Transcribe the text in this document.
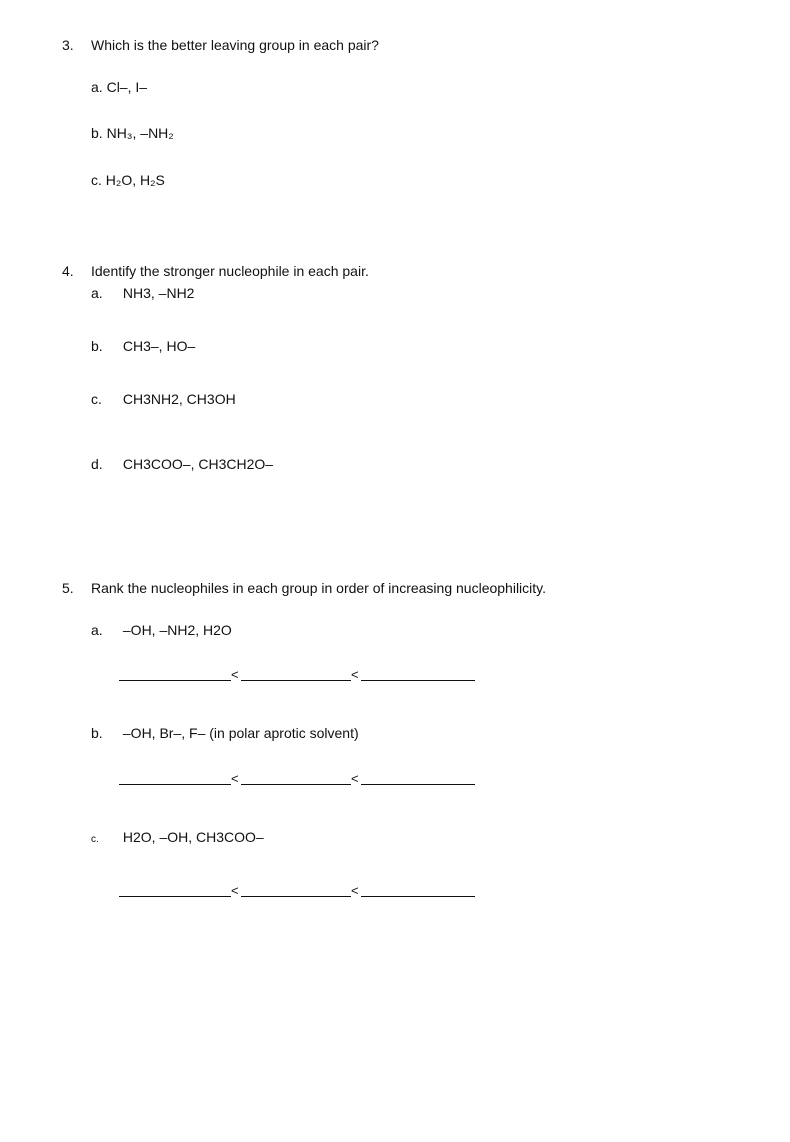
3. Which is the better leaving group in each pair?
a. Cl–, I–
b. NH₃, –NH₂
c. H₂O, H₂S
4. Identify the stronger nucleophile in each pair.
a. NH3, –NH2
b. CH3–, HO–
c. CH3NH2, CH3OH
d. CH3COO–, CH3CH2O–
5. Rank the nucleophiles in each group in order of increasing nucleophilicity.
a. –OH, –NH2, H2O
<	<
b. –OH, Br–, F– (in polar aprotic solvent)
<	<
c. H2O, –OH, CH3COO–
<	<
